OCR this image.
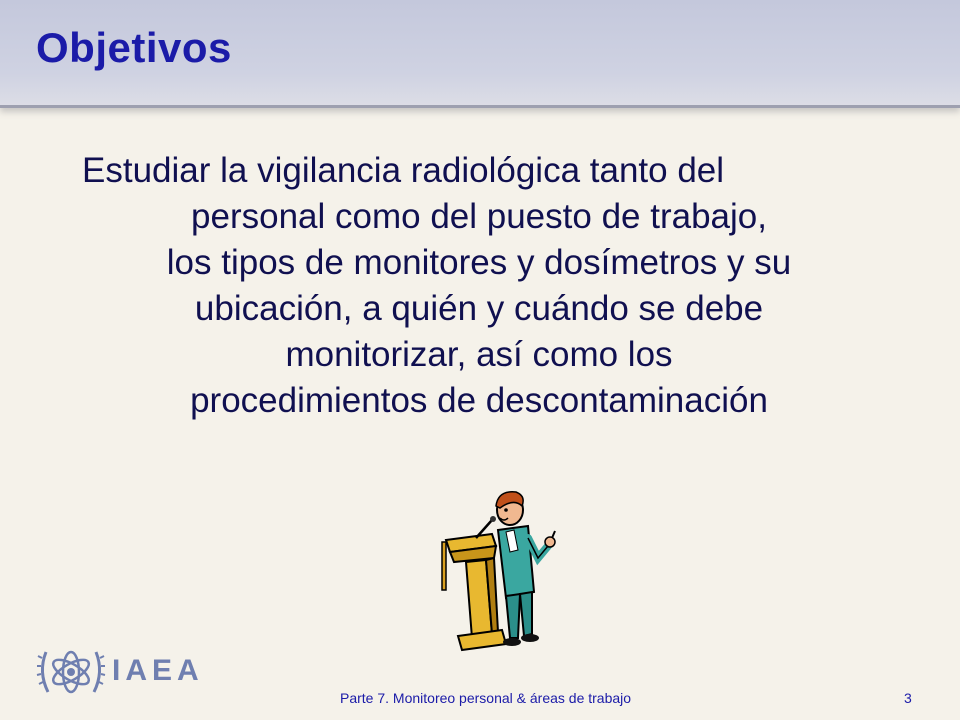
Objetivos
Estudiar la vigilancia radiológica tanto del
personal como del puesto de trabajo,
los tipos de monitores y dosímetros y su
ubicación, a quién y cuándo se debe
monitorizar, así como los
procedimientos de descontaminación
IAEA
Parte 7. Monitoreo personal & áreas de trabajo	3
